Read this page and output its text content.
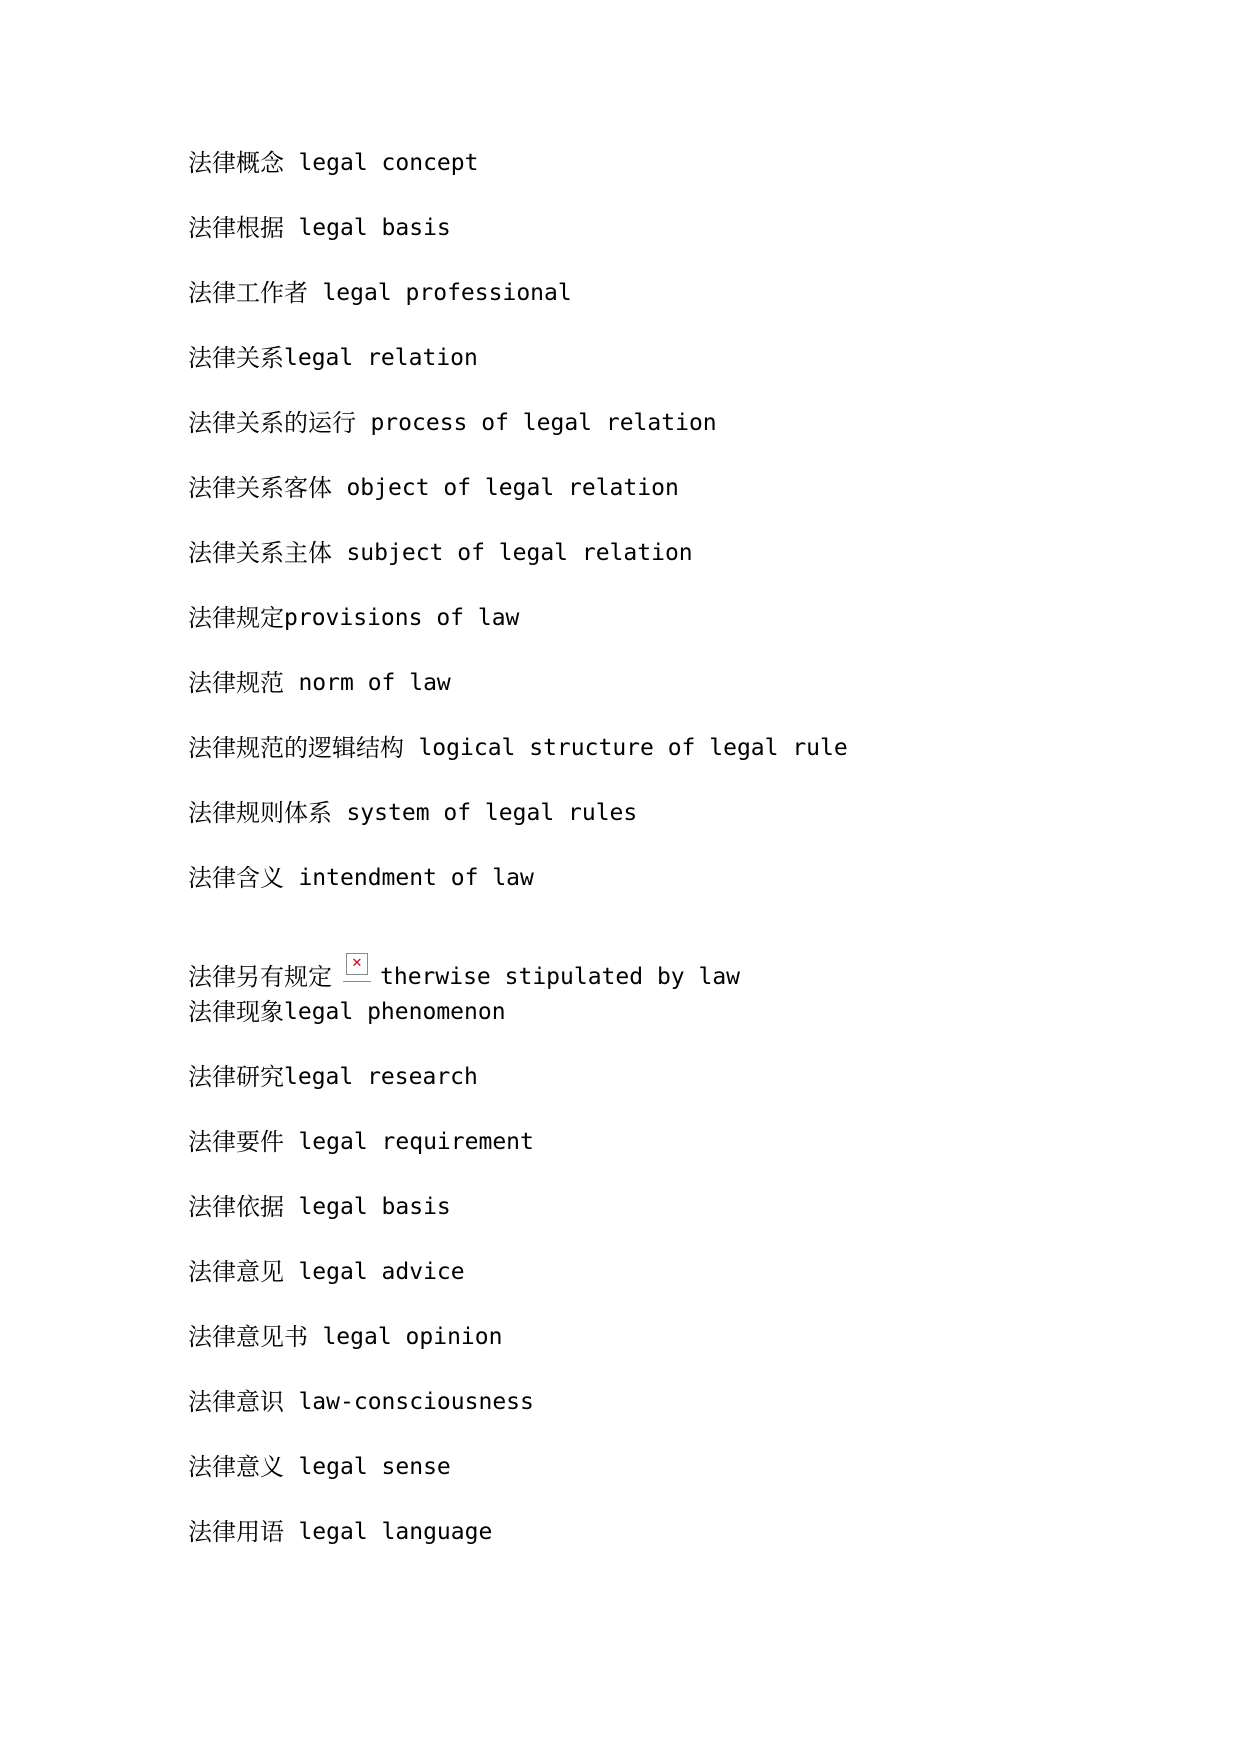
法律概念
legal concept
法律根据
legal basis
法律工作者
legal professional
法律关系 legal relation
法律关系的运行
process of legal relation
法律关系客体
object of legal relation
法律关系主体
subject of legal relation
法律规定 provisions of law
法律规范
norm of law
法律规范的逻辑结构
logical structure of legal rule
法律规则体系
system of legal rules
法律含义
intendment of law
法律另有规定	✕
therwise stipulated by law
法律现象 legal phenomenon
法律研究 legal research
法律要件
legal requirement
法律依据
legal basis
法律意见
legal advice
法律意见书
legal opinion
法律意识
law-consciousness
法律意义
legal sense
法律用语
legal language
